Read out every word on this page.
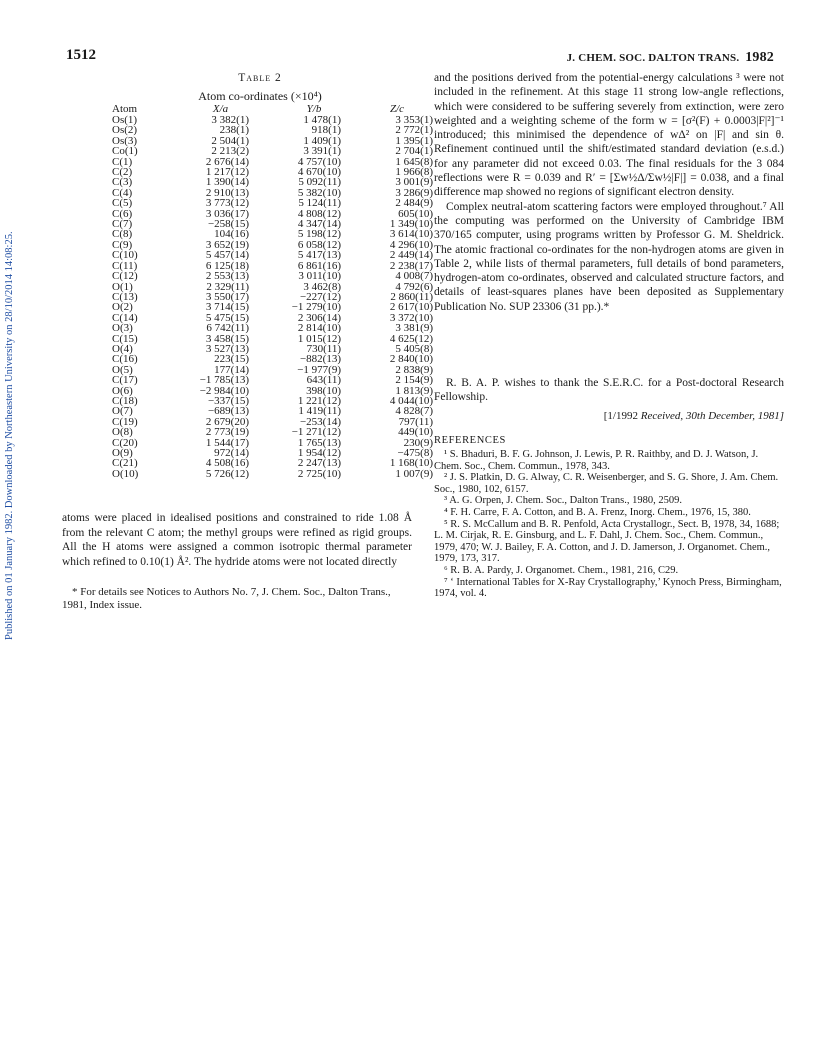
Published on 01 January 1982. Downloaded by Northeastern University on 28/10/2014 14:08:25.
1512	J. CHEM. SOC. DALTON TRANS. 1982
Table 2
Atom co-ordinates (×10⁴)
Atom	X/a	Y/b	Z/c
Os(1)	3 382(1)	1 478(1)	3 353(1)
Os(2)	238(1)	918(1)	2 772(1)
Os(3)	2 504(1)	1 409(1)	1 395(1)
Co(1)	2 213(2)	3 391(1)	2 704(1)
C(1)	2 676(14)	4 757(10)	1 645(8)
C(2)	1 217(12)	4 670(10)	1 966(8)
C(3)	1 390(14)	5 092(11)	3 001(9)
C(4)	2 910(13)	5 382(10)	3 286(9)
C(5)	3 773(12)	5 124(11)	2 484(9)
C(6)	3 036(17)	4 808(12)	605(10)
C(7)	−258(15)	4 347(14)	1 349(10)
C(8)	104(16)	5 198(12)	3 614(10)
C(9)	3 652(19)	6 058(12)	4 296(10)
C(10)	5 457(14)	5 417(13)	2 449(14)
C(11)	6 125(18)	6 861(16)	2 238(17)
C(12)	2 553(13)	3 011(10)	4 008(7)
O(1)	2 329(11)	3 462(8)	4 792(6)
C(13)	3 550(17)	−227(12)	2 860(11)
O(2)	3 714(15)	−1 279(10)	2 617(10)
C(14)	5 475(15)	2 306(14)	3 372(10)
O(3)	6 742(11)	2 814(10)	3 381(9)
C(15)	3 458(15)	1 015(12)	4 625(12)
O(4)	3 527(13)	730(11)	5 405(8)
C(16)	223(15)	−882(13)	2 840(10)
O(5)	177(14)	−1 977(9)	2 838(9)
C(17)	−1 785(13)	643(11)	2 154(9)
O(6)	−2 984(10)	398(10)	1 813(9)
C(18)	−337(15)	1 221(12)	4 044(10)
O(7)	−689(13)	1 419(11)	4 828(7)
C(19)	2 679(20)	−253(14)	797(11)
O(8)	2 773(19)	−1 271(12)	449(10)
C(20)	1 544(17)	1 765(13)	230(9)
O(9)	972(14)	1 954(12)	−475(8)
C(21)	4 508(16)	2 247(13)	1 168(10)
O(10)	5 726(12)	2 725(10)	1 007(9)
atoms were placed in idealised positions and constrained to ride 1.08 Å from the relevant C atom; the methyl groups were refined as rigid groups. All the H atoms were assigned a common isotropic thermal parameter which refined to 0.10(1) Å². The hydride atoms were not located directly
* For details see Notices to Authors No. 7, J. Chem. Soc., Dalton Trans., 1981, Index issue.

and the positions derived from the potential-energy calculations ³ were not included in the refinement. At this stage 11 strong low-angle reflections, which were considered to be suffering severely from extinction, were zero weighted and a weighting scheme of the form w = [σ²(F) + 0.0003|F|²]⁻¹ introduced; this minimised the dependence of wΔ² on |F| and sin θ. Refinement continued until the shift/estimated standard deviation (e.s.d.) for any parameter did not exceed 0.03. The final residuals for the 3 084 reflections were R = 0.039 and R′ = [Σw½Δ/Σw½|F|] = 0.038, and a final difference map showed no regions of significant electron density.

Complex neutral-atom scattering factors were employed throughout.⁷ All the computing was performed on the University of Cambridge IBM 370/165 computer, using programs written by Professor G. M. Sheldrick. The atomic fractional co-ordinates for the non-hydrogen atoms are given in Table 2, while lists of thermal parameters, full details of bond parameters, hydrogen-atom co-ordinates, observed and calculated structure factors, and details of least-squares planes have been deposited as Supplementary Publication No. SUP 23306 (31 pp.).*

R. B. A. P. wishes to thank the S.E.R.C. for a Post-doctoral Research Fellowship.
[1/1992 Received, 30th December, 1981]
REFERENCES

¹ S. Bhaduri, B. F. G. Johnson, J. Lewis, P. R. Raithby, and D. J. Watson, J. Chem. Soc., Chem. Commun., 1978, 343.

² J. S. Platkin, D. G. Alway, C. R. Weisenberger, and S. G. Shore, J. Am. Chem. Soc., 1980, 102, 6157.

³ A. G. Orpen, J. Chem. Soc., Dalton Trans., 1980, 2509.

⁴ F. H. Carre, F. A. Cotton, and B. A. Frenz, Inorg. Chem., 1976, 15, 380.

⁵ R. S. McCallum and B. R. Penfold, Acta Crystallogr., Sect. B, 1978, 34, 1688; L. M. Cirjak, R. E. Ginsburg, and L. F. Dahl, J. Chem. Soc., Chem. Commun., 1979, 470; W. J. Bailey, F. A. Cotton, and J. D. Jamerson, J. Organomet. Chem., 1979, 173, 317.

⁶ R. B. A. Pardy, J. Organomet. Chem., 1981, 216, C29.

⁷ ‘ International Tables for X-Ray Crystallography,’ Kynoch Press, Birmingham, 1974, vol. 4.
